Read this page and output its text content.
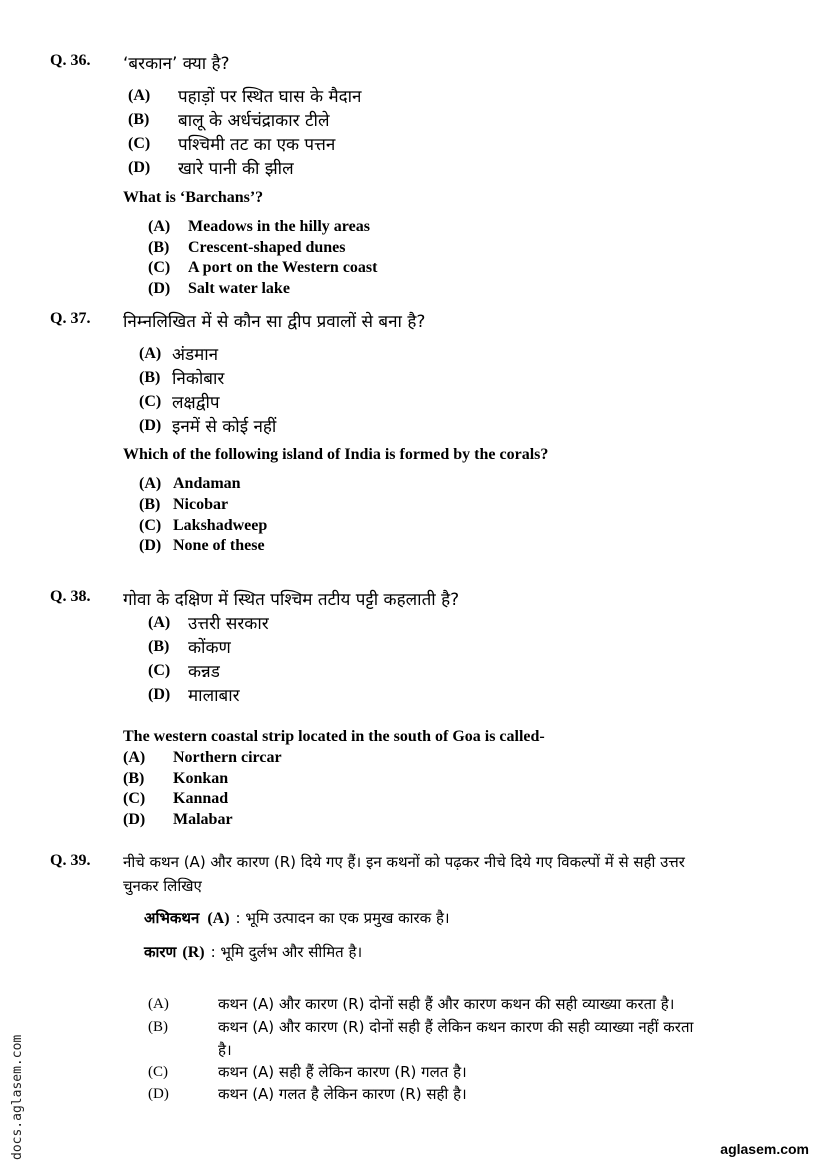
Q. 36. ‘बरकान’ क्या है?
(A) पहाड़ों पर स्थित घास के मैदान
(B) बालू के अर्धचंद्राकार टीले
(C) पश्चिमी तट का एक पत्तन
(D) खारे पानी की झील
What is ‘Barchans’?
(A) Meadows in the hilly areas
(B) Crescent-shaped dunes
(C) A port on the Western coast
(D) Salt water lake
Q. 37. निम्नलिखित में से कौन सा द्वीप प्रवालों से बना है?
(A) अंडमान
(B) निकोबार
(C) लक्षद्वीप
(D) इनमें से कोई नहीं
Which of the following island of India is formed by the corals?
(A) Andaman
(B) Nicobar
(C) Lakshadweep
(D) None of these
Q. 38. गोवा के दक्षिण में स्थित पश्चिम तटीय पट्टी कहलाती है?
(A) उत्तरी सरकार
(B) कोंकण
(C) कन्नड
(D) मालाबार
The western coastal strip located in the south of Goa is called-
(A) Northern circar
(B) Konkan
(C) Kannad
(D) Malabar
Q. 39. नीचे कथन (A) और कारण (R) दिये गए हैं। इन कथनों को पढ़कर नीचे दिये गए विकल्पों में से सही उत्तर
चुनकर लिखिए
अभिकथन (A) : भूमि उत्पादन का एक प्रमुख कारक है।
कारण (R) : भूमि दुर्लभ और सीमित है।
(A)	कथन (A) और कारण (R) दोनों सही हैं और कारण कथन की सही व्याख्या करता है।
(B)	कथन (A) और कारण (R) दोनों सही हैं लेकिन कथन कारण की सही व्याख्या नहीं करता
है।
(C)	कथन (A) सही हैं लेकिन कारण (R) गलत है।
(D)	कथन (A) गलत है लेकिन कारण (R) सही है।
docs.aglasem.com	aglasem.com
